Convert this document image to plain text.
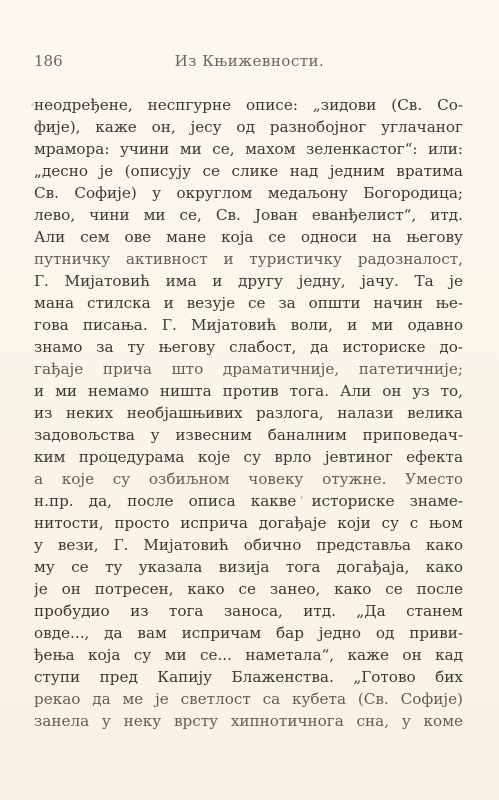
186	Из Књижевности.
неодређене, неспгурне описе: „зидови (Св. Со-
фије), каже он, јесу од разнобојног углачаног
мрамора: учини ми се, махом зеленкастог“: или:
„десно је (описују се слике над једним вратима
Св. Софије) у округлом медаљону Богородица;
лево, чини ми се, Св. Јован еванђелист“, итд.
Али сем ове мане која се односи на његову
путничку активност и туристичку радозналост,
Г. Мијатовић има и другу једну, јачу. Та је
мана стилска и везује се за општи начин ње-
гова писања. Г. Мијатовић воли, и ми одавно
знамо за ту његову слабост, да историске до-
гађаје прича што драматичније, патетичније;
и ми немамо ништа против тога. Али он уз то,
из неких необјашњивих разлога, налази велика
задовољства у извесним баналним приповедач-
ким процедурама које су врло јевтиног ефекта
а које су озбиљном човеку отужне. Уместо
н.пр. да, после описа какве историске знаме-
нитости, просто исприча догађаје који су с њом
у вези, Г. Мијатовић обично представља како
му се ту указала визија тога догађаја, како
је он потресен, како се занео, како се после
пробудио из тога заноса, итд. „Да станем
овде..., да вам испричам бар једно од приви-
ђења која су ми се... наметала“, каже он кад
ступи пред Капију Блаженства. „Готово бих
рекао да ме је светлост са кубета (Св. Софије)
занела у неку врсту хипнотичнога сна, у коме
